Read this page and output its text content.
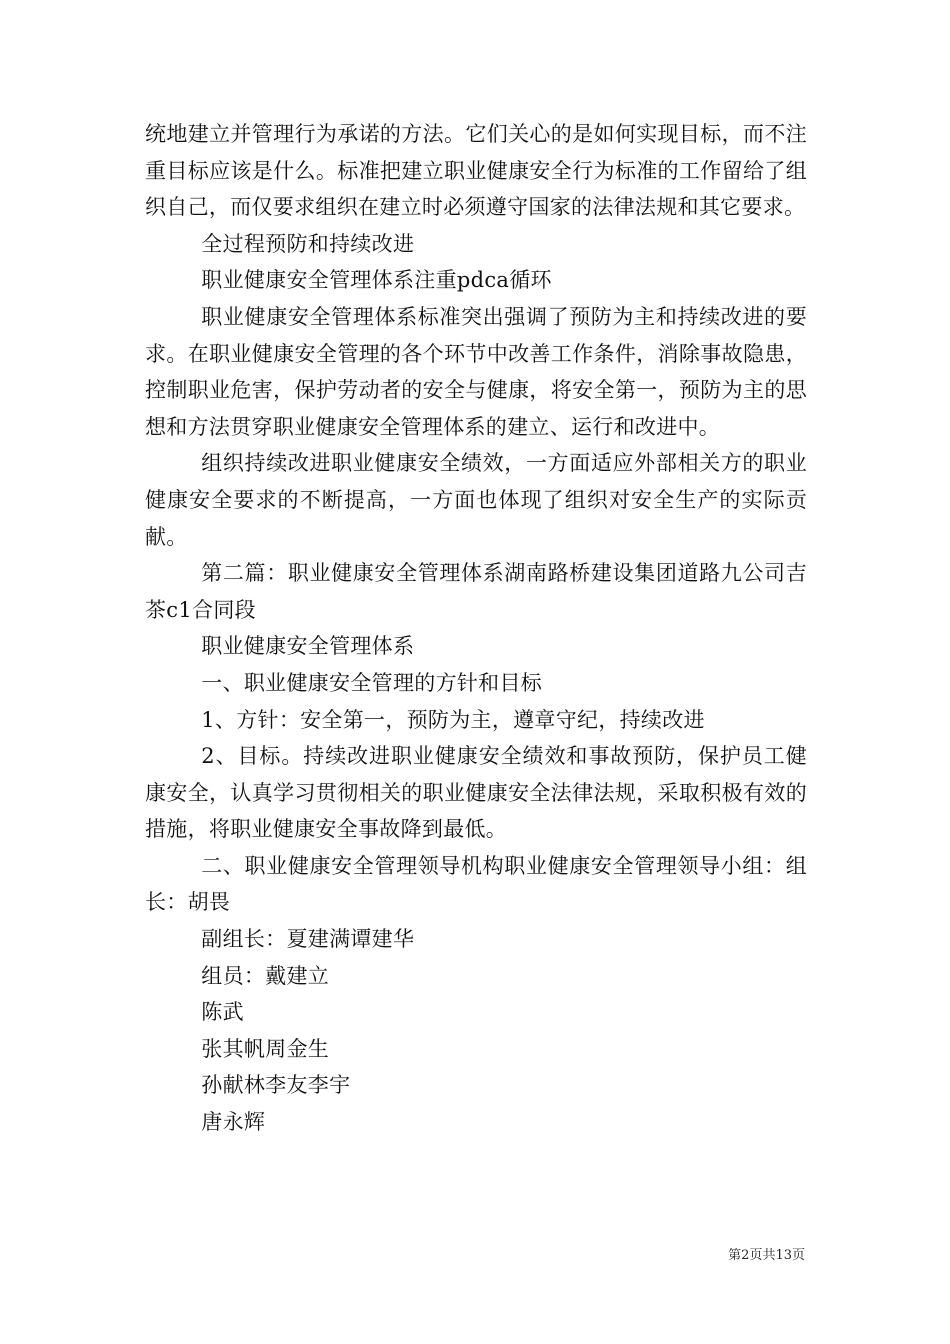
统地建立并管理行为承诺的方法。它们关心的是如何实现目标，而不注重目标应该是什么。标准把建立职业健康安全行为标准的工作留给了组织自己，而仅要求组织在建立时必须遵守国家的法律法规和其它要求。

全过程预防和持续改进

职业健康安全管理体系注重pdca循环

职业健康安全管理体系标准突出强调了预防为主和持续改进的要求。在职业健康安全管理的各个环节中改善工作条件，消除事故隐患，控制职业危害，保护劳动者的安全与健康，将安全第一，预防为主的思想和方法贯穿职业健康安全管理体系的建立、运行和改进中。

组织持续改进职业健康安全绩效，一方面适应外部相关方的职业健康安全要求的不断提高，一方面也体现了组织对安全生产的实际贡献。

第二篇：职业健康安全管理体系湖南路桥建设集团道路九公司吉茶c1合同段

职业健康安全管理体系

一、职业健康安全管理的方针和目标

1、方针：安全第一，预防为主，遵章守纪，持续改进

2、目标。持续改进职业健康安全绩效和事故预防，保护员工健康安全，认真学习贯彻相关的职业健康安全法律法规，采取积极有效的措施，将职业健康安全事故降到最低。

二、职业健康安全管理领导机构职业健康安全管理领导小组：组长：胡畏

副组长：夏建满谭建华

组员：戴建立

陈武

张其帆周金生

孙献林李友李宇

唐永辉

第2页共13页
